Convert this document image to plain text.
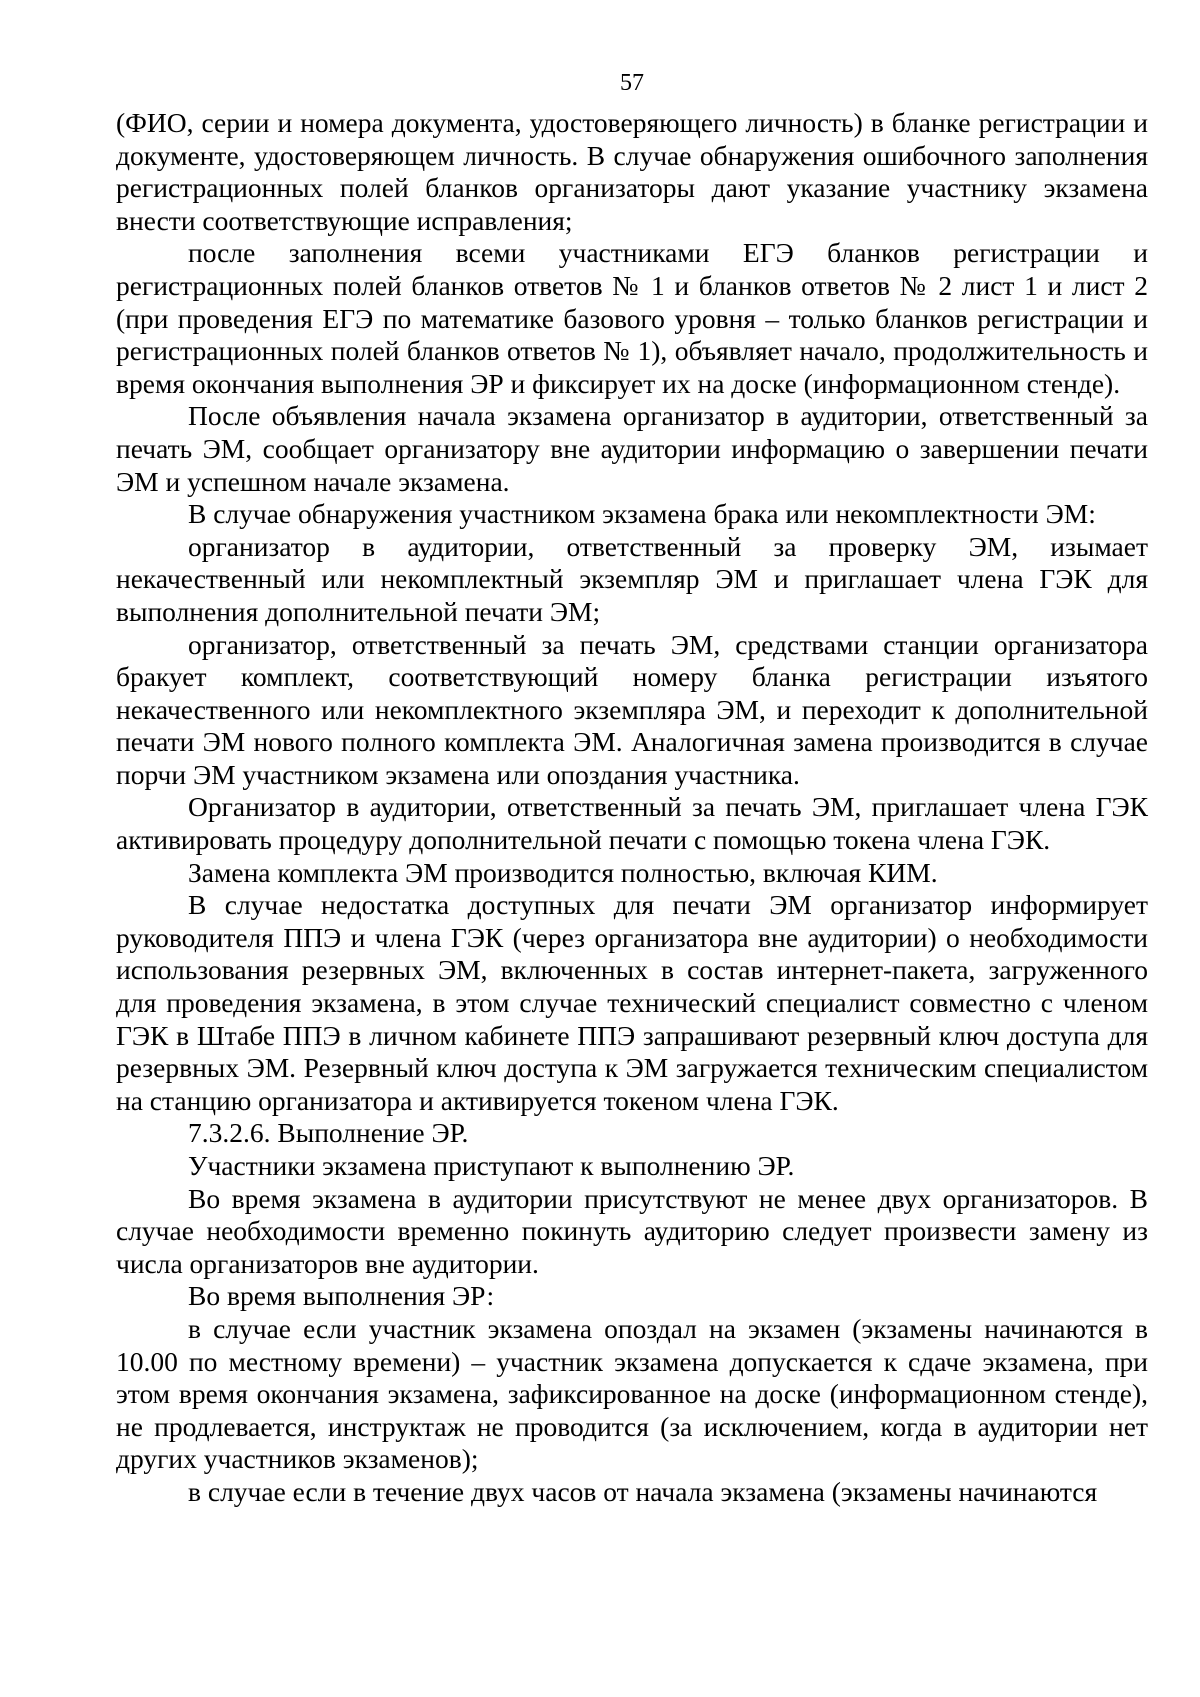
57

(ФИО, серии и номера документа, удостоверяющего личность) в бланке регистрации и документе, удостоверяющем личность. В случае обнаружения ошибочного заполнения регистрационных полей бланков организаторы дают указание участнику экзамена внести соответствующие исправления;

после заполнения всеми участниками ЕГЭ бланков регистрации и регистрационных полей бланков ответов № 1 и бланков ответов № 2 лист 1 и лист 2 (при проведения ЕГЭ по математике базового уровня – только бланков регистрации и регистрационных полей бланков ответов № 1), объявляет начало, продолжительность и время окончания выполнения ЭР и фиксирует их на доске (информационном стенде).

После объявления начала экзамена организатор в аудитории, ответственный за печать ЭМ, сообщает организатору вне аудитории информацию о завершении печати ЭМ и успешном начале экзамена.

В случае обнаружения участником экзамена брака или некомплектности ЭМ:

организатор в аудитории, ответственный за проверку ЭМ, изымает некачественный или некомплектный экземпляр ЭМ и приглашает члена ГЭК для выполнения дополнительной печати ЭМ;

организатор, ответственный за печать ЭМ, средствами станции организатора бракует комплект, соответствующий номеру бланка регистрации изъятого некачественного или некомплектного экземпляра ЭМ, и переходит к дополнительной печати ЭМ нового полного комплекта ЭМ. Аналогичная замена производится в случае порчи ЭМ участником экзамена или опоздания участника.

Организатор в аудитории, ответственный за печать ЭМ, приглашает члена ГЭК активировать процедуру дополнительной печати с помощью токена члена ГЭК.

Замена комплекта ЭМ производится полностью, включая КИМ.

В случае недостатка доступных для печати ЭМ организатор информирует руководителя ППЭ и члена ГЭК (через организатора вне аудитории) о необходимости использования резервных ЭМ, включенных в состав интернет-пакета, загруженного для проведения экзамена, в этом случае технический специалист совместно с членом ГЭК в Штабе ППЭ в личном кабинете ППЭ запрашивают резервный ключ доступа для резервных ЭМ. Резервный ключ доступа к ЭМ загружается техническим специалистом на станцию организатора и активируется токеном члена ГЭК.

7.3.2.6. Выполнение ЭР.

Участники экзамена приступают к выполнению ЭР.

Во время экзамена в аудитории присутствуют не менее двух организаторов. В случае необходимости временно покинуть аудиторию следует произвести замену из числа организаторов вне аудитории.

Во время выполнения ЭР:

в случае если участник экзамена опоздал на экзамен (экзамены начинаются в 10.00 по местному времени) – участник экзамена допускается к сдаче экзамена, при этом время окончания экзамена, зафиксированное на доске (информационном стенде), не продлевается, инструктаж не проводится (за исключением, когда в аудитории нет других участников экзаменов);

в случае если в течение двух часов от начала экзамена (экзамены начинаются
